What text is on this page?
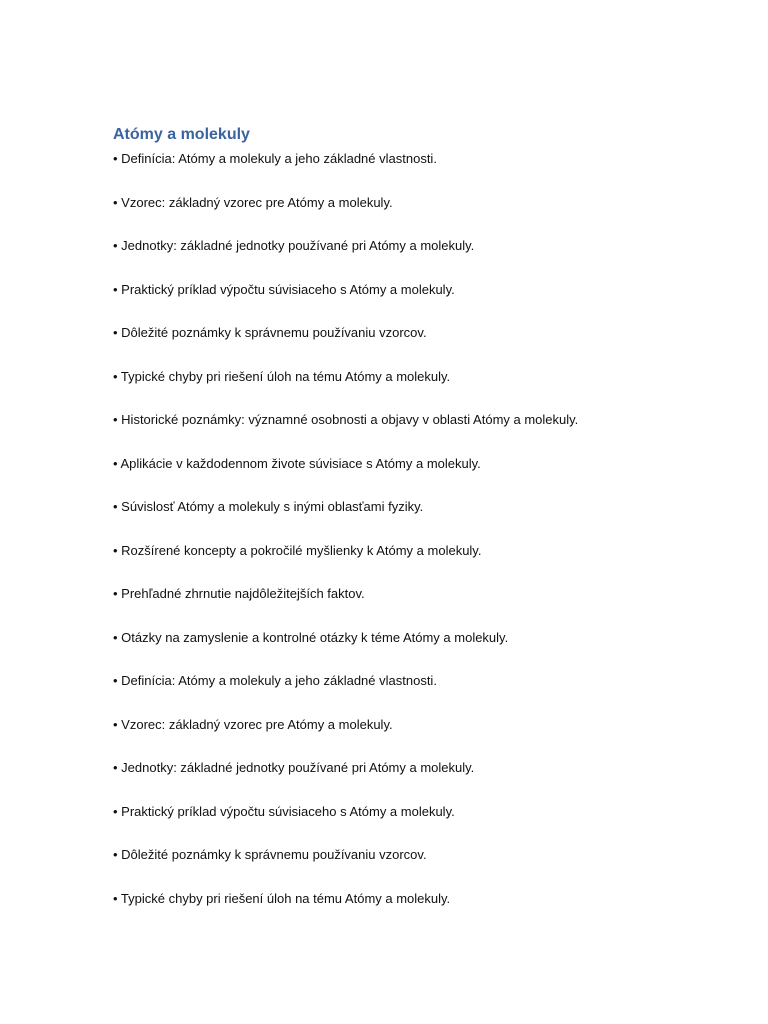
Atómy a molekuly
• Definícia: Atómy a molekuly a jeho základné vlastnosti.
• Vzorec: základný vzorec pre Atómy a molekuly.
• Jednotky: základné jednotky používané pri Atómy a molekuly.
• Praktický príklad výpočtu súvisiaceho s Atómy a molekuly.
• Dôležité poznámky k správnemu používaniu vzorcov.
• Typické chyby pri riešení úloh na tému Atómy a molekuly.
• Historické poznámky: významné osobnosti a objavy v oblasti Atómy a molekuly.
• Aplikácie v každodennom živote súvisiace s Atómy a molekuly.
• Súvislosť Atómy a molekuly s inými oblasťami fyziky.
• Rozšírené koncepty a pokročilé myšlienky k Atómy a molekuly.
• Prehľadné zhrnutie najdôležitejších faktov.
• Otázky na zamyslenie a kontrolné otázky k téme Atómy a molekuly.
• Definícia: Atómy a molekuly a jeho základné vlastnosti.
• Vzorec: základný vzorec pre Atómy a molekuly.
• Jednotky: základné jednotky používané pri Atómy a molekuly.
• Praktický príklad výpočtu súvisiaceho s Atómy a molekuly.
• Dôležité poznámky k správnemu používaniu vzorcov.
• Typické chyby pri riešení úloh na tému Atómy a molekuly.
